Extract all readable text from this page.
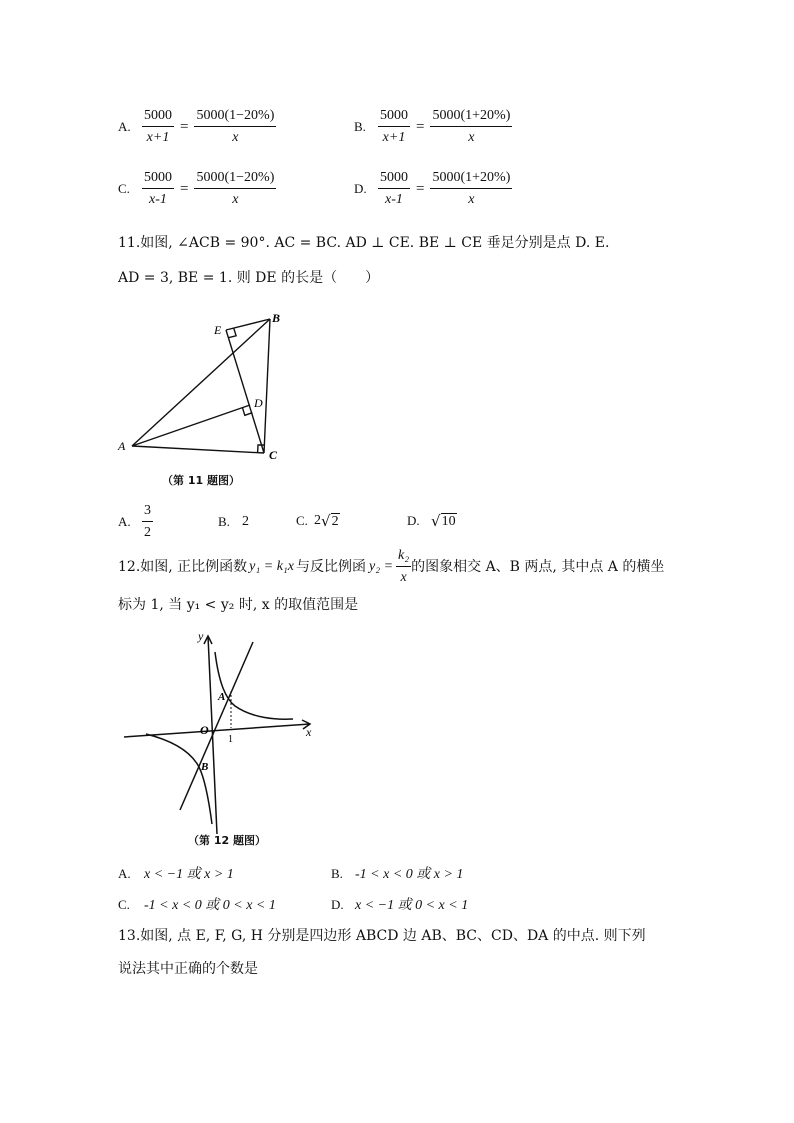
A. $\frac{5000}{x+1} = \frac{5000(1-20\%)}{x}$	B. $\frac{5000}{x+1} = \frac{5000(1+20\%)}{x}$
C. $\frac{5000}{x-1} = \frac{5000(1-20\%)}{x}$	D. $\frac{5000}{x-1} = \frac{5000(1+20\%)}{x}$
11.如图, ∠ACB = 90°. AC = BC. AD ⊥ CE. BE ⊥ CE 垂足分别是点 D. E.
AD = 3, BE = 1. 则 DE 的长是（　　）
E
B
D
A
C
（第 11 题图）
A. $\frac{3}{2}$	B. 2	C. 2 √ 2	D. √ 10
12.如图, 正比例函数 y₁ = k₁x 与反比例函 $y_2 = \frac{\text{k₂}}{x}$ 的图象相交 A、B 两点, 其中点 A 的横坐
标为 1, 当 y₁ < y₂ 时, x 的取值范围是
y
x
O
A
B
1
（第 12 题图）
A. x < −1 或 x > 1	B. -1 < x < 0 或 x > 1
C. -1 < x < 0 或 0 < x < 1	D. x < −1 或 0 < x < 1
13.如图, 点 E, F, G, H 分别是四边形 ABCD 边 AB、BC、CD、DA 的中点. 则下列
说法其中正确的个数是
